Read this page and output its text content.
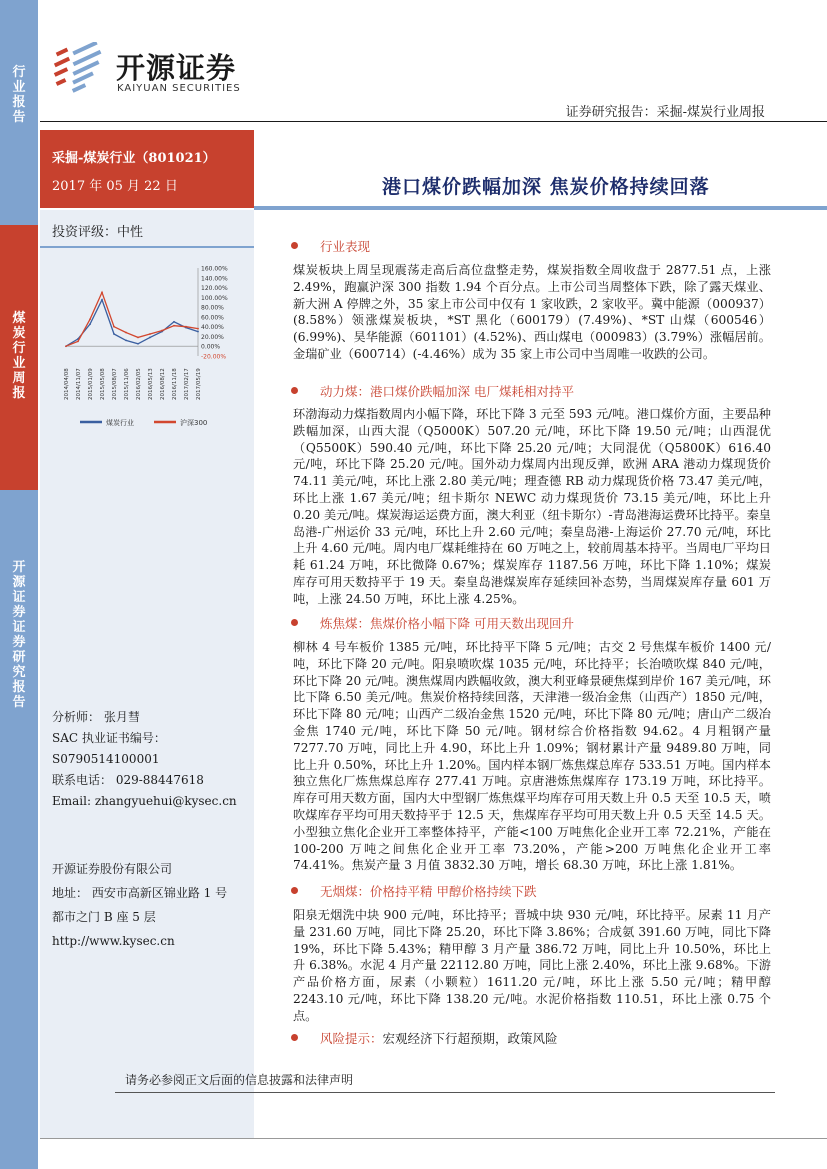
行业报告
煤炭行业周报
开源证券证券研究报告
开源证券
KAIYUAN SECURITIES
证券研究报告：采掘-煤炭行业周报
采掘-煤炭行业（801021）
2017 年 05 月 22 日	港口煤价跌幅加深 焦炭价格持续回落
投资评级：中性
160.00%
140.00%
120.00%
100.00%
80.00%
60.00%
40.00%
20.00%
0.00%
-20.00%
2014/04/08 2014/11/07 2015/01/09 2015/05/08 2015/08/07 2015/11/06 2016/02/05 2016/05/13 2016/08/12 2016/11/18 2017/02/17 2017/05/19
煤炭行业	沪深300
分析师： 张月彗
SAC 执业证书编号：
S0790514100001
联系电话： 029-88447618
Email: zhangyuehui@kysec.cn
开源证券股份有限公司
地址： 西安市高新区锦业路 1 号
都市之门 B 座 5 层
http://www.kysec.cn
行业表现
煤炭板块上周呈现震荡走高后高位盘整走势，煤炭指数全周收盘于 2877.51 点，上涨 2.49%，跑赢沪深 300 指数 1.94 个百分点。上市公司当周整体下跌，除了露天煤业、新大洲 A 停牌之外，35 家上市公司中仅有 1 家收跌，2 家收平。冀中能源（000937）(8.58%）领涨煤炭板块，*ST 黑化（600179）(7.49%)、*ST 山煤（600546）(6.99%)、昊华能源（601101）(4.52%)、西山煤电（000983）(3.79%）涨幅居前。金瑞矿业（600714）(-4.46%）成为 35 家上市公司中当周唯一收跌的公司。
动力煤：港口煤价跌幅加深 电厂煤耗相对持平
环渤海动力煤指数周内小幅下降，环比下降 3 元至 593 元/吨。港口煤价方面，主要品种跌幅加深，山西大混（Q5000K）507.20 元/吨，环比下降 19.50 元/吨；山西混优（Q5500K）590.40 元/吨，环比下降 25.20 元/吨；大同混优（Q5800K）616.40 元/吨，环比下降 25.20 元/吨。国外动力煤周内出现反弹，欧洲 ARA 港动力煤现货价 74.11 美元/吨，环比上涨 2.80 美元/吨；理查德 RB 动力煤现货价格 73.47 美元/吨，环比上涨 1.67 美元/吨；纽卡斯尔 NEWC 动力煤现货价 73.15 美元/吨，环比上升 0.20 美元/吨。煤炭海运运费方面，澳大利亚（纽卡斯尔）-青岛港海运费环比持平。秦皇岛港-广州运价 33 元/吨，环比上升 2.60 元/吨；秦皇岛港-上海运价 27.70 元/吨，环比上升 4.60 元/吨。周内电厂煤耗维持在 60 万吨之上，较前周基本持平。当周电厂平均日耗 61.24 万吨，环比微降 0.67%；煤炭库存 1187.56 万吨，环比下降 1.10%；煤炭库存可用天数持平于 19 天。秦皇岛港煤炭库存延续回补态势，当周煤炭库存量 601 万吨，上涨 24.50 万吨，环比上涨 4.25%。
炼焦煤：焦煤价格小幅下降 可用天数出现回升
柳林 4 号车板价 1385 元/吨，环比持平下降 5 元/吨；古交 2 号焦煤车板价 1400 元/吨，环比下降 20 元/吨。阳泉喷吹煤 1035 元/吨，环比持平；长治喷吹煤 840 元/吨，环比下降 20 元/吨。澳焦煤周内跌幅收敛，澳大利亚峰景硬焦煤到岸价 167 美元/吨，环比下降 6.50 美元/吨。焦炭价格持续回落，天津港一级冶金焦（山西产）1850 元/吨，环比下降 80 元/吨；山西产二级冶金焦 1520 元/吨，环比下降 80 元/吨；唐山产二级冶金焦 1740 元/吨，环比下降 50 元/吨。钢材综合价格指数 94.62。4 月粗钢产量 7277.70 万吨，同比上升 4.90，环比上升 1.09%；钢材累计产量 9489.80 万吨，同比上升 0.50%，环比上升 1.20%。国内样本钢厂炼焦煤总库存 533.51 万吨。国内样本独立焦化厂炼焦煤总库存 277.41 万吨。京唐港炼焦煤库存 173.19 万吨，环比持平。库存可用天数方面，国内大中型钢厂炼焦煤平均库存可用天数上升 0.5 天至 10.5 天，喷吹煤库存平均可用天数持平于 12.5 天，焦煤库存平均可用天数上升 0.5 天至 14.5 天。小型独立焦化企业开工率整体持平，产能<100 万吨焦化企业开工率 72.21%，产能在 100-200 万吨之间焦化企业开工率 73.20%，产能>200 万吨焦化企业开工率 74.41%。焦炭产量 3 月值 3832.30 万吨，增长 68.30 万吨，环比上涨 1.81%。
无烟煤：价格持平精 甲醇价格持续下跌
阳泉无烟洗中块 900 元/吨，环比持平；晋城中块 930 元/吨，环比持平。尿素 11 月产量 231.60 万吨，同比下降 25.20，环比下降 3.86%；合成氨 391.60 万吨，同比下降 19%，环比下降 5.43%；精甲醇 3 月产量 386.72 万吨，同比上升 10.50%，环比上升 6.38%。水泥 4 月产量 22112.80 万吨，同比上涨 2.40%，环比上涨 9.68%。下游产品价格方面，尿素（小颗粒）1611.20 元/吨，环比上涨 5.50 元/吨；精甲醇 2243.10 元/吨，环比下降 138.20 元/吨。水泥价格指数 110.51，环比上涨 0.75 个点。
风险提示：宏观经济下行超预期，政策风险
请务必参阅正文后面的信息披露和法律声明
